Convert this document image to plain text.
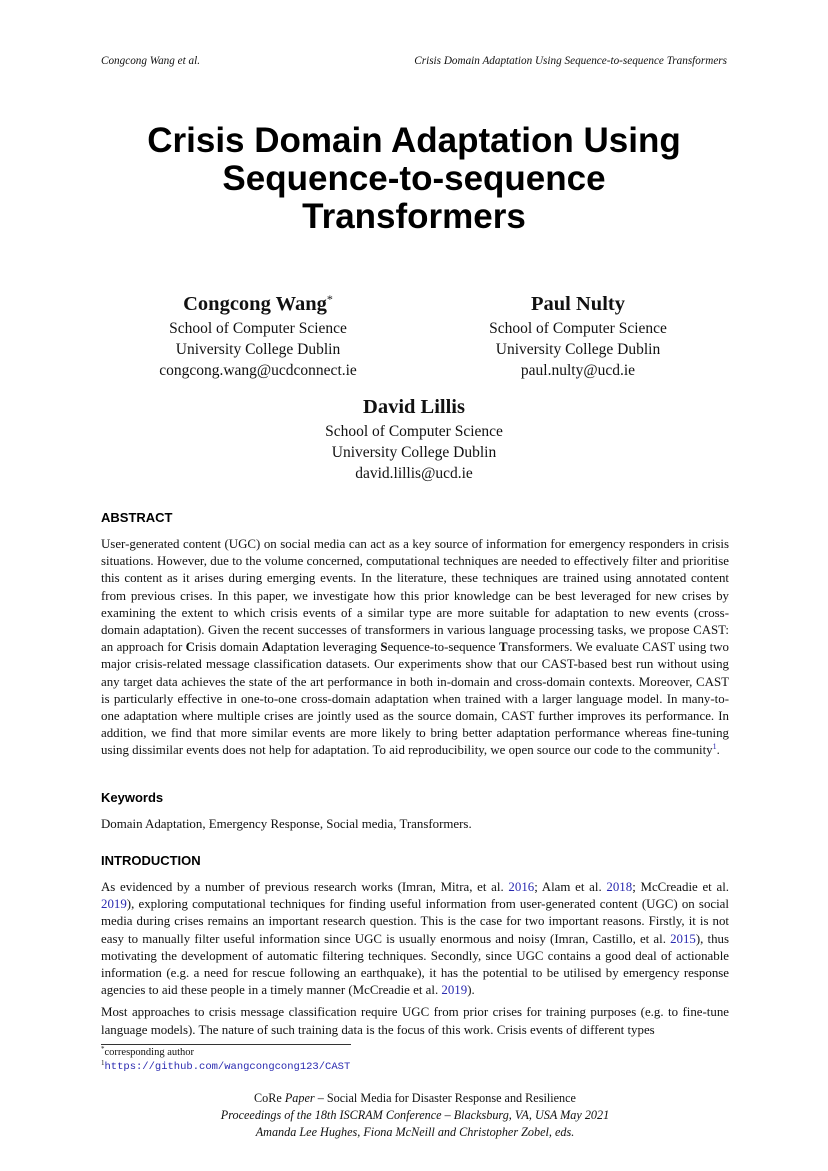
Congcong Wang et al.	Crisis Domain Adaptation Using Sequence-to-sequence Transformers
Crisis Domain Adaptation Using
Sequence-to-sequence
Transformers
Congcong Wang*
School of Computer Science
University College Dublin
congcong.wang@ucdconnect.ie
Paul Nulty
School of Computer Science
University College Dublin
paul.nulty@ucd.ie
David Lillis
School of Computer Science
University College Dublin
david.lillis@ucd.ie
ABSTRACT

User-generated content (UGC) on social media can act as a key source of information for emergency responders in crisis situations. However, due to the volume concerned, computational techniques are needed to effectively filter and prioritise this content as it arises during emerging events. In the literature, these techniques are trained using annotated content from previous crises. In this paper, we investigate how this prior knowledge can be best leveraged for new crises by examining the extent to which crisis events of a similar type are more suitable for adaptation to new events (cross-domain adaptation). Given the recent successes of transformers in various language processing tasks, we propose CAST: an approach for Crisis domain Adaptation leveraging Sequence-to-sequence Transformers. We evaluate CAST using two major crisis-related message classification datasets. Our experiments show that our CAST-based best run without using any target data achieves the state of the art performance in both in-domain and cross-domain contexts. Moreover, CAST is particularly effective in one-to-one cross-domain adaptation when trained with a larger language model. In many-to-one adaptation where multiple crises are jointly used as the source domain, CAST further improves its performance. In addition, we find that more similar events are more likely to bring better adaptation performance whereas fine-tuning using dissimilar events does not help for adaptation. To aid reproducibility, we open source our code to the community$^1$.

Keywords
Domain Adaptation, Emergency Response, Social media, Transformers.
INTRODUCTION

As evidenced by a number of previous research works (Imran, Mitra, et al. 2016; Alam et al. 2018; McCreadie et al. 2019), exploring computational techniques for finding useful information from user-generated content (UGC) on social media during crises remains an important research question. This is the case for two important reasons. Firstly, it is not easy to manually filter useful information since UGC is usually enormous and noisy (Imran, Castillo, et al. 2015), thus motivating the development of automatic filtering techniques. Secondly, since UGC contains a good deal of actionable information (e.g. a need for rescue following an earthquake), it has the potential to be utilised by emergency response agencies to aid these people in a timely manner (McCreadie et al. 2019).

Most approaches to crisis message classification require UGC from prior crises for training purposes (e.g. to fine-tune language models). The nature of such training data is the focus of this work. Crisis events of different types

*corresponding author
$^1$https://github.com/wangcongcong123/CAST
CoRe Paper – Social Media for Disaster Response and Resilience
Proceedings of the 18th ISCRAM Conference – Blacksburg, VA, USA May 2021
Amanda Lee Hughes, Fiona McNeill and Christopher Zobel, eds.
